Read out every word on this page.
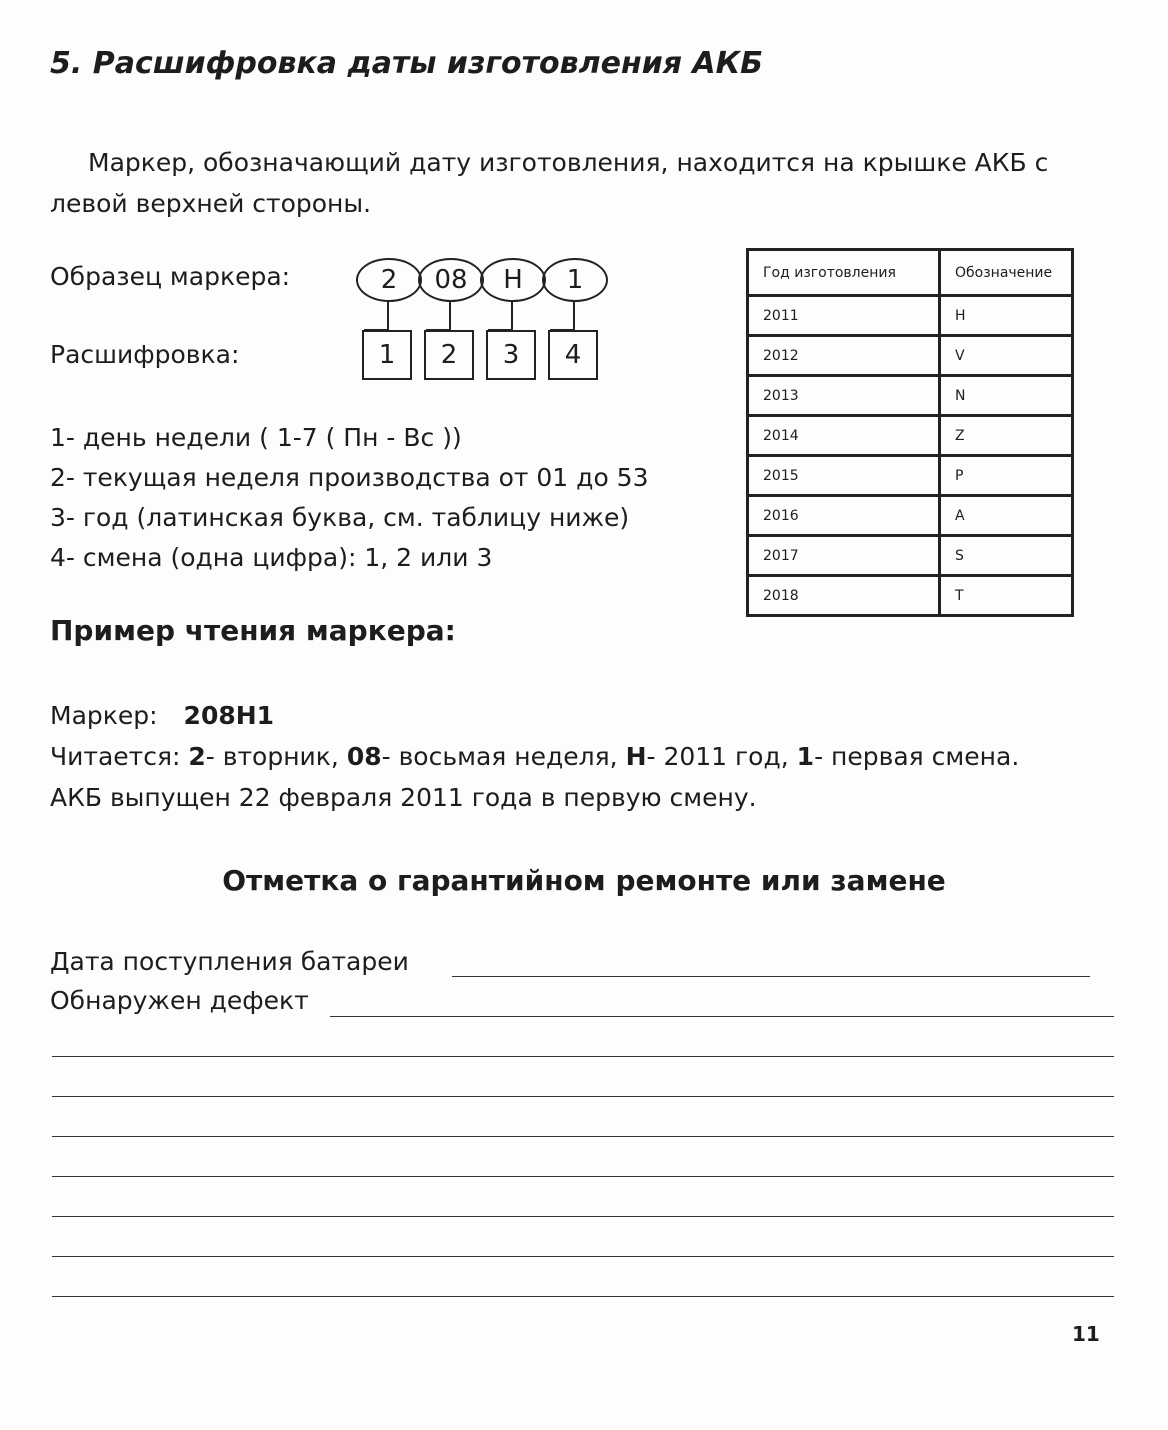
5. Расшифровка даты изготовления АКБ
Маркер, обозначающий дату изготовления, находится на крышке АКБ с левой верхней стороны.
Образец маркера:	2	08	H	1
Расшифровка:	1	2	3	4
1- день недели ( 1-7 ( Пн - Вс ))
2- текущая неделя производства от 01 до 53
3- год (латинская буква, см. таблицу ниже)
4- смена (одна цифра): 1, 2 или 3
Год изготовления	Обозначение
2011	H
2012	V
2013	N
2014	Z
2015	P
2016	A
2017	S
2018	T
Пример чтения маркера:
Маркер: 208H1
Читается: 2- вторник, 08- восьмая неделя, H- 2011 год, 1- первая смена.
АКБ выпущен 22 февраля 2011 года в первую смену.
Отметка о гарантийном ремонте или замене
Дата поступления батареи
Обнаружен дефект
11
